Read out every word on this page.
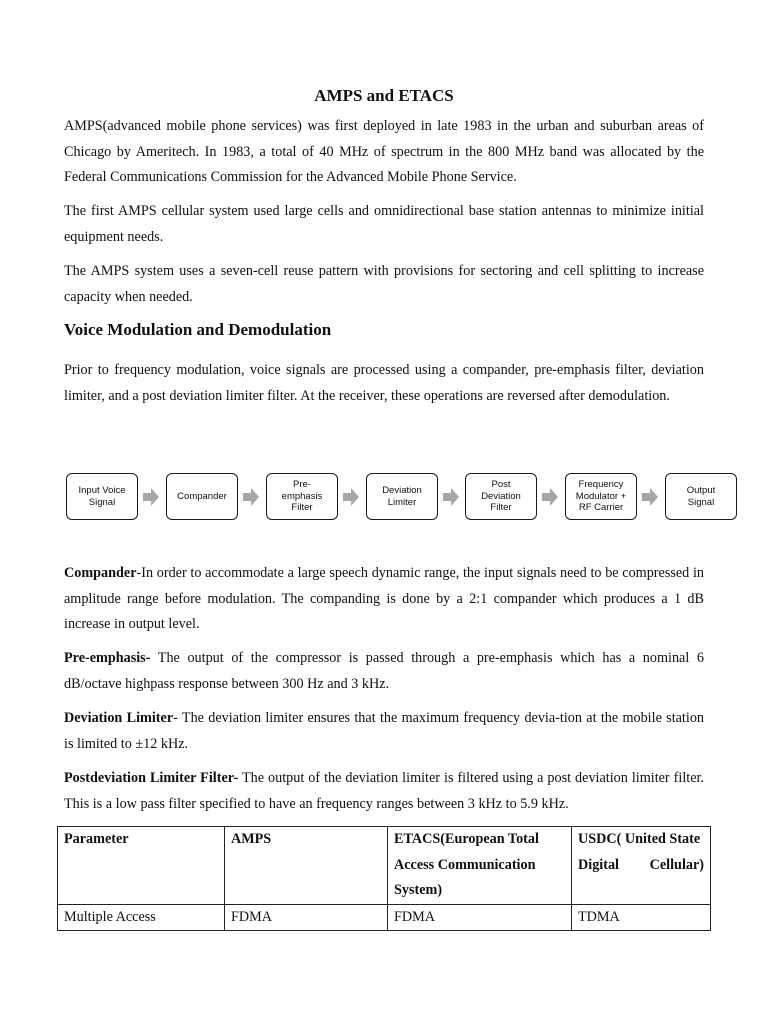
AMPS and ETACS

AMPS(advanced mobile phone services) was first deployed in late 1983 in the urban and suburban areas of Chicago by Ameritech. In 1983, a total of 40 MHz of spectrum in the 800 MHz band was allocated by the Federal Communications Commission for the Advanced Mobile Phone Service.

The first AMPS cellular system used large cells and omnidirectional base station antennas to minimize initial equipment needs.

The AMPS system uses a seven-cell reuse pattern with provisions for sectoring and cell splitting to increase capacity when needed.

Voice Modulation and Demodulation

Prior to frequency modulation, voice signals are processed using a compander, pre-emphasis filter, deviation limiter, and a post deviation limiter filter. At the receiver, these operations are reversed after demodulation.

Input Voice
Signal
Compander
Pre-
emphasis
Filter
Deviation
Limiter
Post
Deviation
Filter
Frequency
Modulator +
RF Carrier
Output
Signal

Compander-In order to accommodate a large speech dynamic range, the input signals need to be compressed in amplitude range before modulation. The companding is done by a 2:1 compander which produces a 1 dB increase in output level.

Pre-emphasis- The output of the compressor is passed through a pre-emphasis which has a nominal 6 dB/octave highpass response between 300 Hz and 3 kHz.

Deviation Limiter- The deviation limiter ensures that the maximum frequency devia-tion at the mobile station is limited to ±12 kHz.

Postdeviation Limiter Filter- The output of the deviation limiter is filtered using a post deviation limiter filter. This is a low pass filter specified to have an frequency ranges between 3 kHz to 5.9 kHz.

Parameter	AMPS	ETACS(European Total Access Communication System)	USDC( United State Digital Cellular)
Multiple Access	FDMA	FDMA	TDMA
